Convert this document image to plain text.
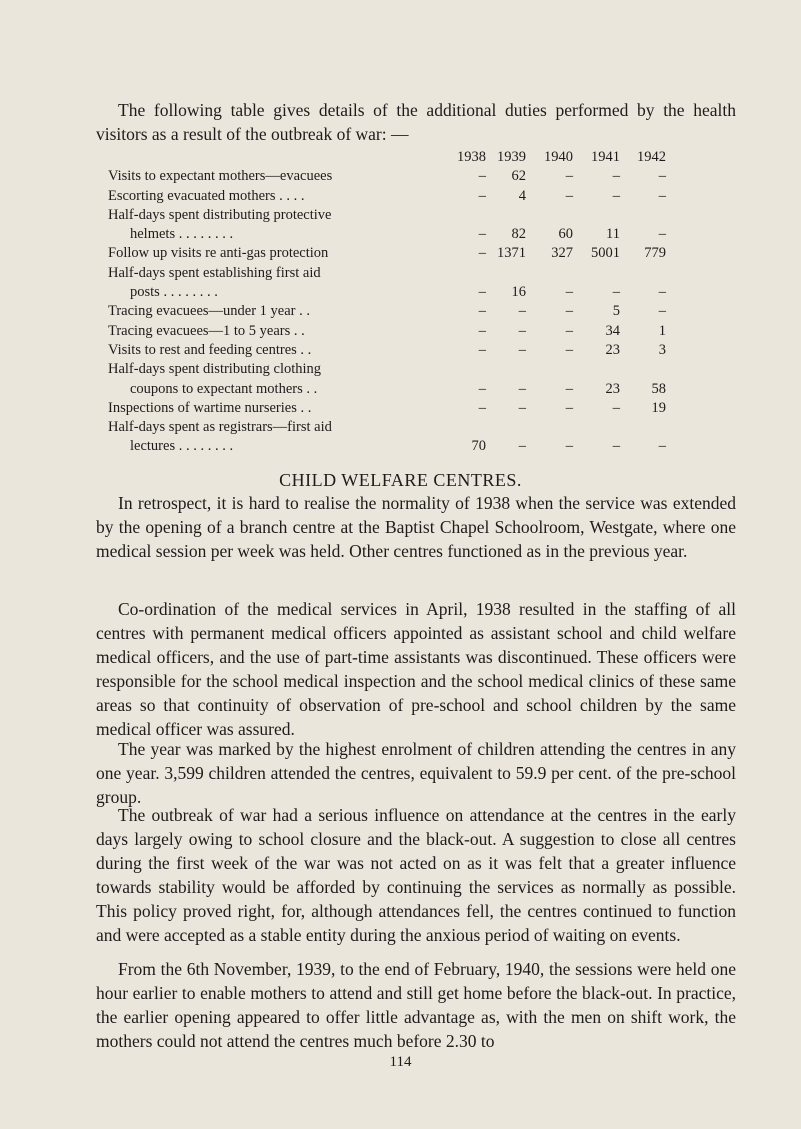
The following table gives details of the additional duties performed by the health visitors as a result of the outbreak of war: —

	1938	1939	1940	1941	1942
Visits to expectant mothers—evacuees	–	62	–	–	–
Escorting evacuated mothers . . . .	–	4	–	–	–
Half-days spent distributing protective					
helmets . . . . . . . .	–	82	60	11	–
Follow up visits re anti-gas protection	–	1371	327	5001	779
Half-days spent establishing first aid					
posts . . . . . . . .	–	16	–	–	–
Tracing evacuees—under 1 year . .	–	–	–	5	–
Tracing evacuees—1 to 5 years . .	–	–	–	34	1
Visits to rest and feeding centres . .	–	–	–	23	3
Half-days spent distributing clothing					
coupons to expectant mothers . .	–	–	–	23	58
Inspections of wartime nurseries . .	–	–	–	–	19
Half-days spent as registrars—first aid					
lectures . . . . . . . .	70	–	–	–	–
CHILD WELFARE CENTRES.

In retrospect, it is hard to realise the normality of 1938 when the service was extended by the opening of a branch centre at the Baptist Chapel Schoolroom, Westgate, where one medical session per week was held. Other centres functioned as in the previous year.

Co-ordination of the medical services in April, 1938 resulted in the staffing of all centres with permanent medical officers appointed as assistant school and child welfare medical officers, and the use of part-time assistants was discontinued. These officers were responsible for the school medical inspection and the school medical clinics of these same areas so that continuity of observation of pre-school and school children by the same medical officer was assured.

The year was marked by the highest enrolment of children attending the centres in any one year. 3,599 children attended the centres, equivalent to 59.9 per cent. of the pre-school group.

The outbreak of war had a serious influence on attendance at the centres in the early days largely owing to school closure and the black-out. A suggestion to close all centres during the first week of the war was not acted on as it was felt that a greater influence towards stability would be afforded by continuing the services as normally as possible. This policy proved right, for, although attendances fell, the centres continued to function and were accepted as a stable entity during the anxious period of waiting on events.

From the 6th November, 1939, to the end of February, 1940, the sessions were held one hour earlier to enable mothers to attend and still get home before the black-out. In practice, the earlier opening appeared to offer little advantage as, with the men on shift work, the mothers could not attend the centres much before 2.30 to

114
